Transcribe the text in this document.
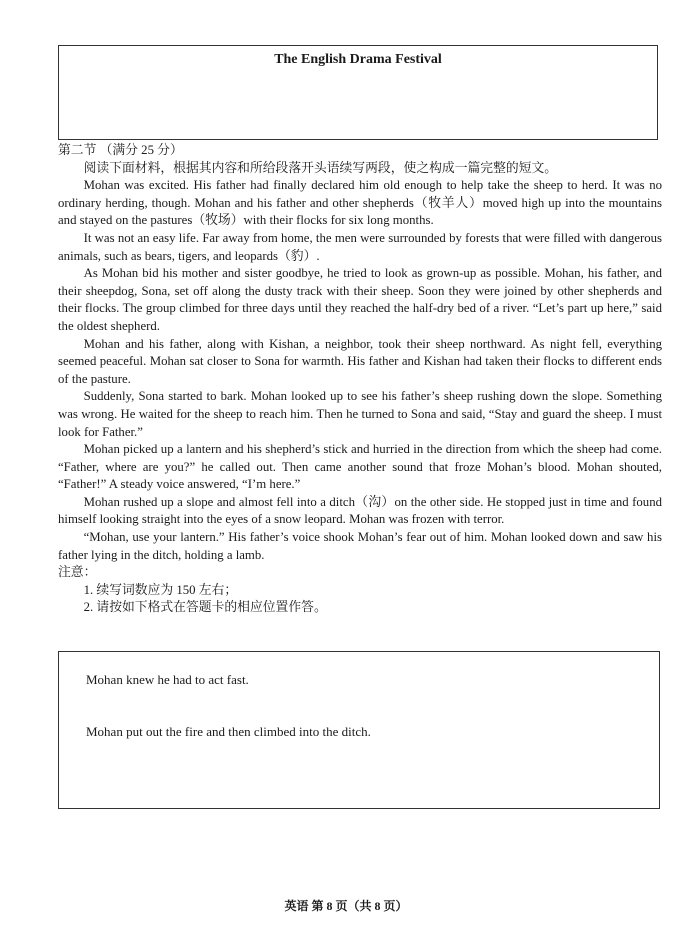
The English Drama Festival

第二节 （满分 25 分）

阅读下面材料，根据其内容和所给段落开头语续写两段，使之构成一篇完整的短文。

Mohan was excited. His father had finally declared him old enough to help take the sheep to herd. It was no ordinary herding, though. Mohan and his father and other shepherds（牧羊人）moved high up into the mountains and stayed on the pastures（牧场）with their flocks for six long months.

It was not an easy life. Far away from home, the men were surrounded by forests that were filled with dangerous animals, such as bears, tigers, and leopards（豹）.

As Mohan bid his mother and sister goodbye, he tried to look as grown-up as possible. Mohan, his father, and their sheepdog, Sona, set off along the dusty track with their sheep. Soon they were joined by other shepherds and their flocks. The group climbed for three days until they reached the half-dry bed of a river. “Let’s part up here,” said the oldest shepherd.

Mohan and his father, along with Kishan, a neighbor, took their sheep northward. As night fell, everything seemed peaceful. Mohan sat closer to Sona for warmth. His father and Kishan had taken their flocks to different ends of the pasture.

Suddenly, Sona started to bark. Mohan looked up to see his father’s sheep rushing down the slope. Something was wrong. He waited for the sheep to reach him. Then he turned to Sona and said, “Stay and guard the sheep. I must look for Father.”

Mohan picked up a lantern and his shepherd’s stick and hurried in the direction from which the sheep had come. “Father, where are you?” he called out. Then came another sound that froze Mohan’s blood. Mohan shouted, “Father!” A steady voice answered, “I’m here.”

Mohan rushed up a slope and almost fell into a ditch（沟）on the other side. He stopped just in time and found himself looking straight into the eyes of a snow leopard. Mohan was frozen with terror.

“Mohan, use your lantern.” His father’s voice shook Mohan’s fear out of him. Mohan looked down and saw his father lying in the ditch, holding a lamb.

注意：

1. 续写词数应为 150 左右；

2. 请按如下格式在答题卡的相应位置作答。

Mohan knew he had to act fast.
Mohan put out the fire and then climbed into the ditch.
英语 第 8 页（共 8 页）
